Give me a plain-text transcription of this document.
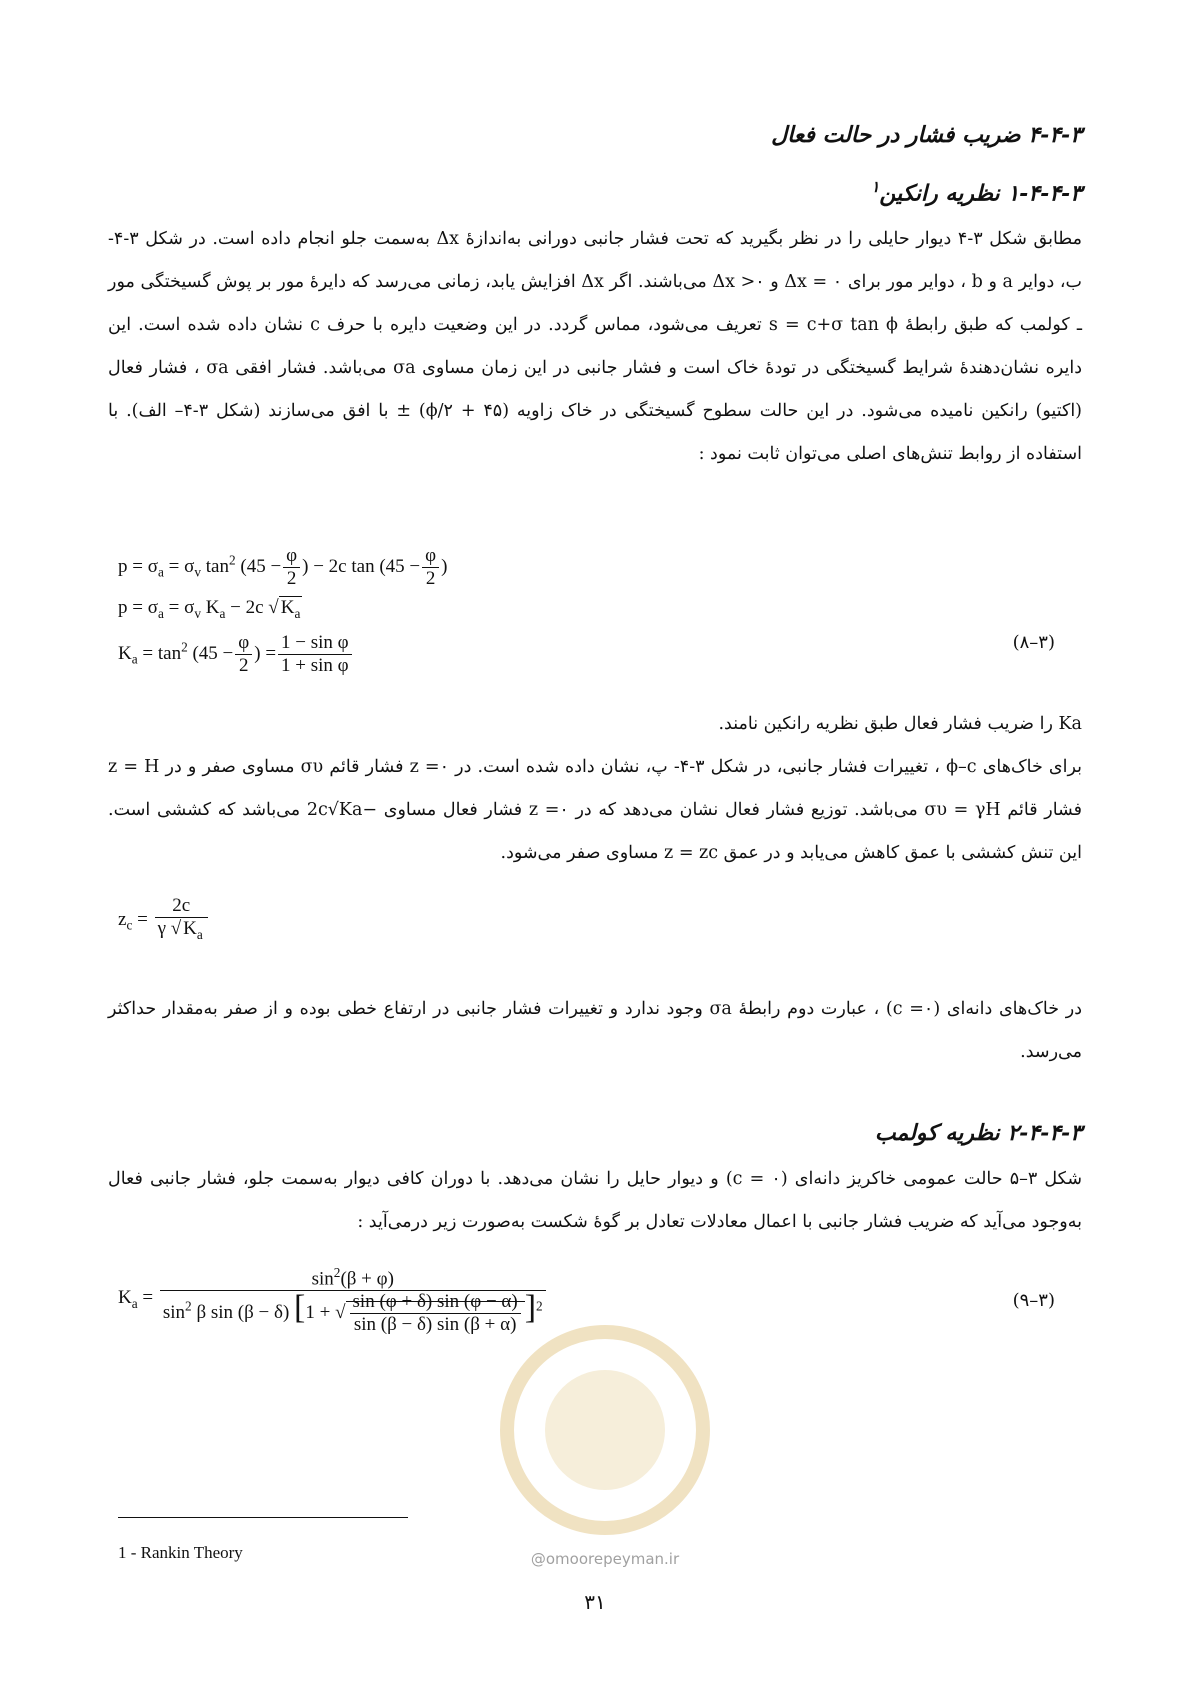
۴-۴-۳ ضریب فشار در حالت فعال
۱-۴-۴-۳ نظریه رانکین$^۱$
مطابق شکل ۳-۴ دیوار حایلی را در نظر بگیرید که تحت فشار جانبی دورانی به‌اندازهٔ Δx به‌سمت جلو انجام داده است. در شکل ۳-۴- ب، دوایر a و b ، دوایر مور برای Δx = ۰ و Δx >۰ می‌باشند. اگر Δx افزایش یابد، زمانی می‌رسد که دایرهٔ مور بر پوش گسیختگی مور ـ کولمب که طبق رابطهٔ s = c+σ tan ϕ تعریف می‌شود، مماس گردد. در این وضعیت دایره با حرف c نشان داده شده است. این دایره نشان‌دهندهٔ شرایط گسیختگی در تودهٔ خاک است و فشار جانبی در این زمان مساوی σa می‌باشد. فشار افقی σa ، فشار فعال (اکتیو) رانکین نامیده می‌شود. در این حالت سطوح گسیختگی در خاک زاویه (۴۵ + ϕ/۲) ± با افق می‌سازند (شکل ۳-۴– الف). با استفاده از روابط تنش‌های اصلی می‌توان ثابت نمود :
$p = \sigma_a = \sigma_v$ $\tan^2 (45 - \frac{\varphi}{2}$ ) − 2c $\tan (45 - \frac{\varphi}{2}$ )
$p = \sigma_a = \sigma_v$ $K_a - 2c$ √ $K_a$
$K_a = \tan^2 (45 - \frac{\varphi}{2}$ ) = $\frac{\text{1 − sin φ}}{\text{1 + sin φ}}$	(۸–۳)
Ka را ضریب فشار فعال طبق نظریه رانکین نامند.
برای خاک‌های ϕ–c ، تغییرات فشار جانبی، در شکل ۳-۴- پ، نشان داده شده است. در z =۰ فشار قائم συ مساوی صفر و در z = H فشار قائم συ = γH می‌باشد. توزیع فشار فعال نشان می‌دهد که در z =۰ فشار فعال مساوی −2c√Ka می‌باشد که کششی است. این تنش کششی با عمق کاهش می‌یابد و در عمق z = zc مساوی صفر می‌شود.
$z_c = \frac{2c}{\gamma √ K_a}$
در خاک‌های دانه‌ای (c =۰) ، عبارت دوم رابطهٔ σa وجود ندارد و تغییرات فشار جانبی در ارتفاع خطی بوده و از صفر به‌مقدار حداکثر می‌رسد.
۲-۴-۴-۳ نظریه کولمب
شکل ۳–۵ حالت عمومی خاکریز دانه‌ای (c = ۰) و دیوار حایل را نشان می‌دهد. با دوران کافی دیوار به‌سمت جلو، فشار جانبی فعال به‌وجود می‌آید که ضریب فشار جانبی با اعمال معادلات تعادل بر گوهٔ شکست به‌صورت زیر درمی‌آید :
$K_a$ =
$\sin^2(\beta + \varphi)$
$\sin^2 \beta$ sin (β − δ) [1 + √ $\frac{\sin (\varphi + \delta) \sin (\varphi - \alpha)}{\sin (\beta - \delta) \sin (\beta + \alpha)} ]^2$	(۹–۳)
1 - Rankin Theory	@omoorepeyman.ir
۳۱
